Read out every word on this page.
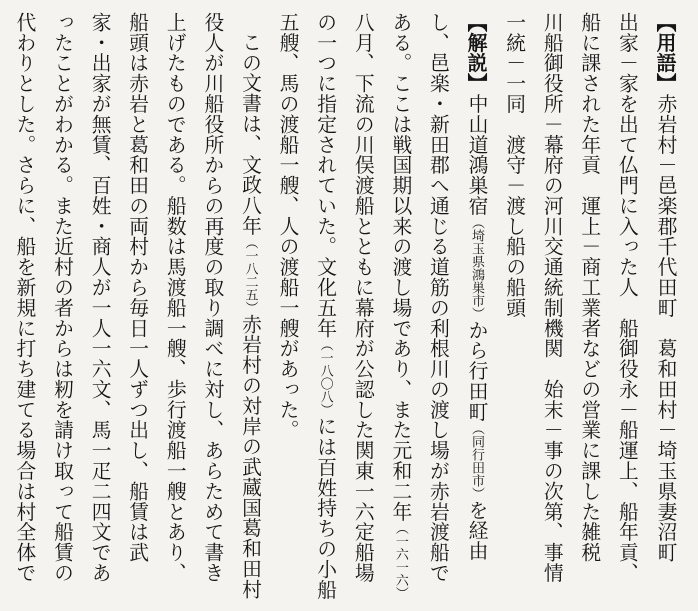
【用語】赤岩村－邑楽郡千代田町　葛和田村－埼玉県妻沼町　出家－家を出て仏門に入った人　船御役永－船運上、船年貢、船に課された年貢　運上－商工業者などの営業に課した雑税　川船御役所－幕府の河川交通統制機関　始末－事の次第、事情　一統－一同　渡守－渡し船の船頭

【解説】中山道鴻巣宿（埼玉県鴻巣市）から行田町（同行田市）を経由し、邑楽・新田郡へ通じる道筋の利根川の渡し場が赤岩渡船である。ここは戦国期以来の渡し場であり、また元和二年（一六一六）八月、下流の川俣渡船とともに幕府が公認した関東一六定船場の一つに指定されていた。文化五年（一八〇八）には百姓持ちの小船五艘、馬の渡船一艘、人の渡船一艘があった。

この文書は、文政八年（一八二五）赤岩村の対岸の武蔵国葛和田村役人が川船役所からの再度の取り調べに対し、あらためて書き上げたものである。船数は馬渡船一艘、歩行渡船一艘とあり、船頭は赤岩と葛和田の両村から毎日一人ずつ出し、船賃は武家・出家が無賃、百姓・商人が一人一六文、馬一疋二四文であったことがわかる。また近村の者からは籾を請け取って船賃の代わりとした。さらに、船を新規に打ち建てる場合は村全体で
